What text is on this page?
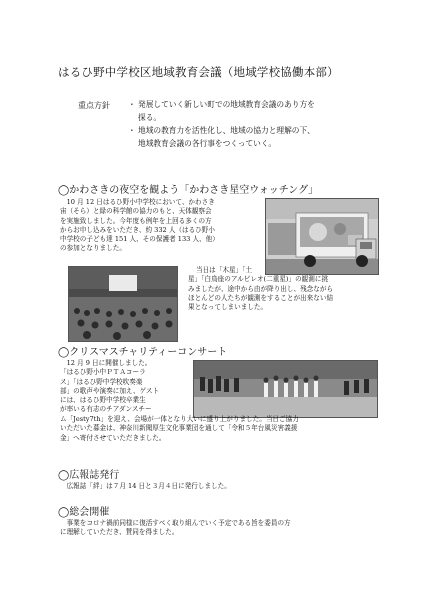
はるひ野中学校区地域教育会議（地域学校協働本部）
重点方針 ・ 発展していく新しい町での地域教育会議のあり方を
探る。
・ 地域の教育力を活性化し、地域の協力と理解の下、
地域教育会議の各行事をつくっていく。
◯かわさきの夜空を観よう「かわさき星空ウォッチング」
　10 月 12 日はるひ野小中学校において、かわさき
宙（そら）と緑の科学館の協力のもと、天体観察会
を実施致しました。今年度も例年を上回る多くの方
からお申し込みをいただき、約 332 人（はるひ野小
中学校の子ども達 151 人、その保護者 133 人、他）
の参加となりました。
当日は「木星」「土
星」「白鳥座のアルビレオ(二重星)」の観測に挑
みましたが、途中から由が降り出し、残念ながら
ほとんどの人たちが観測をすることが出来ない結
果となってしまいました。
◯クリスマスチャリティーコンサート
　12 月 9 日に開催しました。
「はるひ野小中ＰＴＡコーラ
ス」「はるひ野中学校吹奏楽
部」の歌声や演奏に加え、ゲスト
には、はるひ野中学校卒業生
が率いる有志のチアダンスチー
ム「Jesty7th」を迎え、会場が一体となり大いに盛り上がりました。当日ご協力
いただいた募金は、神奈川新聞厚生文化事業団を通して「令和５年台風災害義援
金」へ寄付させていただきました。
◯広報誌発行
　広報誌「絆」は７月 14 日と３月４日に発行しました。
◯総会開催
　事業をコロナ禍前同様に復活すべく取り組んでいく予定である旨を委員の方
に理解していただき、賛同を得ました。
